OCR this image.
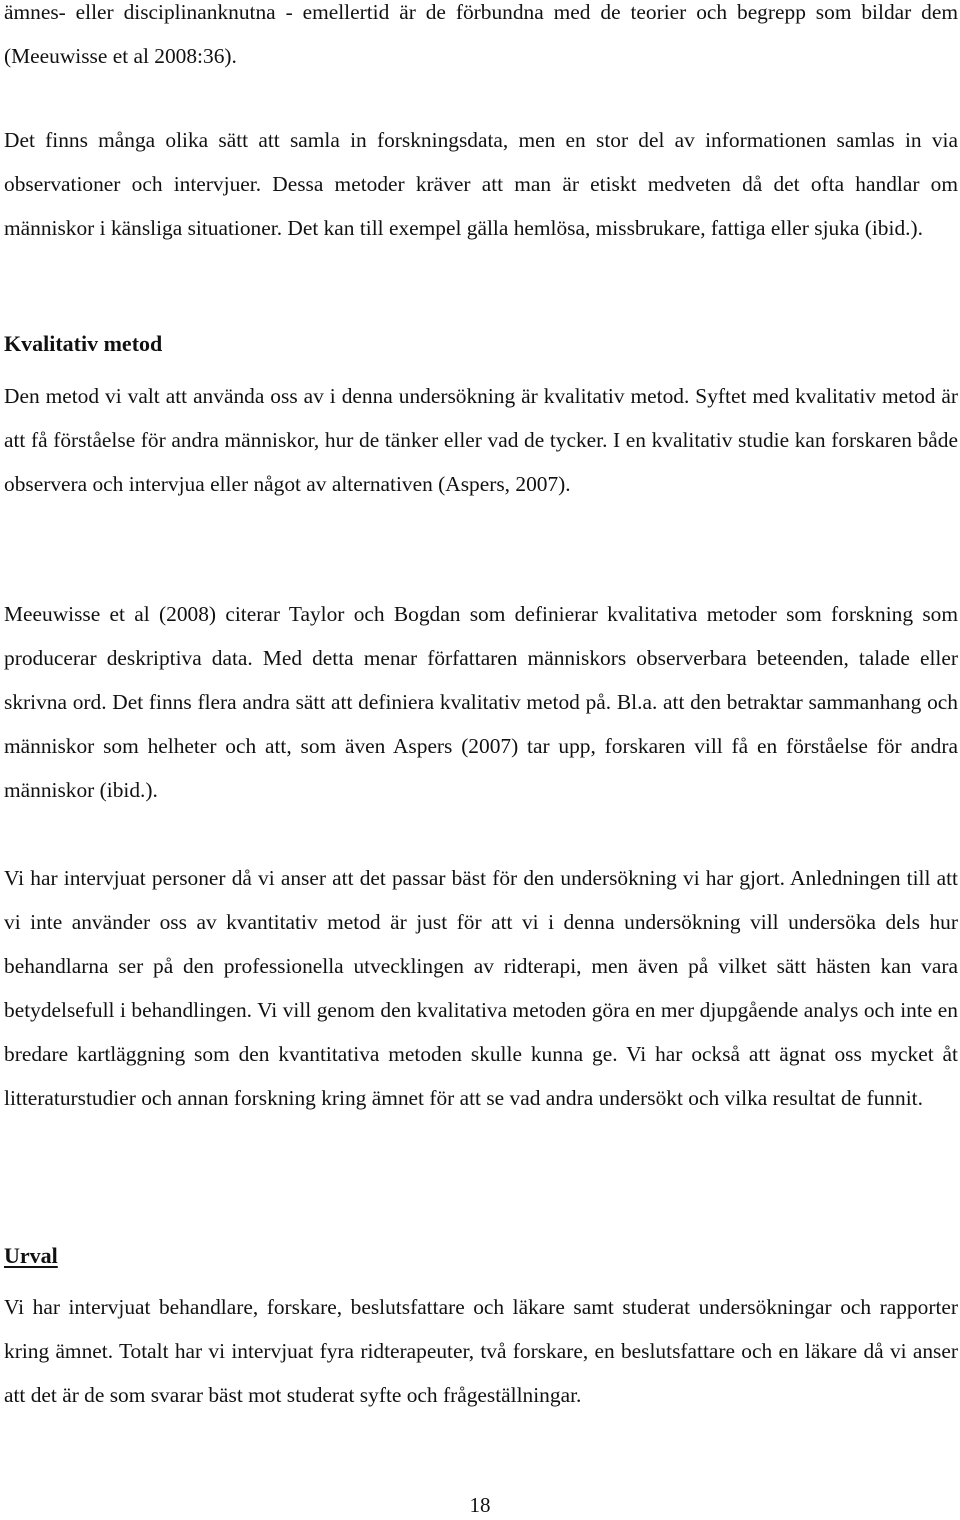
ämnes- eller disciplinanknutna - emellertid är de förbundna med de teorier och begrepp som bildar dem (Meeuwisse et al 2008:36).

Det finns många olika sätt att samla in forskningsdata, men en stor del av informationen samlas in via observationer och intervjuer. Dessa metoder kräver att man är etiskt medveten då det ofta handlar om människor i känsliga situationer. Det kan till exempel gälla hemlösa, missbrukare, fattiga eller sjuka (ibid.).

Kvalitativ metod

Den metod vi valt att använda oss av i denna undersökning är kvalitativ metod. Syftet med kvalitativ metod är att få förståelse för andra människor, hur de tänker eller vad de tycker. I en kvalitativ studie kan forskaren både observera och intervjua eller något av alternativen (Aspers, 2007).

Meeuwisse et al (2008) citerar Taylor och Bogdan som definierar kvalitativa metoder som forskning som producerar deskriptiva data. Med detta menar författaren människors observerbara beteenden, talade eller skrivna ord. Det finns flera andra sätt att definiera kvalitativ metod på. Bl.a. att den betraktar sammanhang och människor som helheter och att, som även Aspers (2007) tar upp, forskaren vill få en förståelse för andra människor (ibid.).

Vi har intervjuat personer då vi anser att det passar bäst för den undersökning vi har gjort. Anledningen till att vi inte använder oss av kvantitativ metod är just för att vi i denna undersökning vill undersöka dels hur behandlarna ser på den professionella utvecklingen av ridterapi, men även på vilket sätt hästen kan vara betydelsefull i behandlingen. Vi vill genom den kvalitativa metoden göra en mer djupgående analys och inte en bredare kartläggning som den kvantitativa metoden skulle kunna ge. Vi har också att ägnat oss mycket åt litteraturstudier och annan forskning kring ämnet för att se vad andra undersökt och vilka resultat de funnit.

Urval

Vi har intervjuat behandlare, forskare, beslutsfattare och läkare samt studerat undersökningar och rapporter kring ämnet. Totalt har vi intervjuat fyra ridterapeuter, två forskare, en beslutsfattare och en läkare då vi anser att det är de som svarar bäst mot studerat syfte och frågeställningar.

18
